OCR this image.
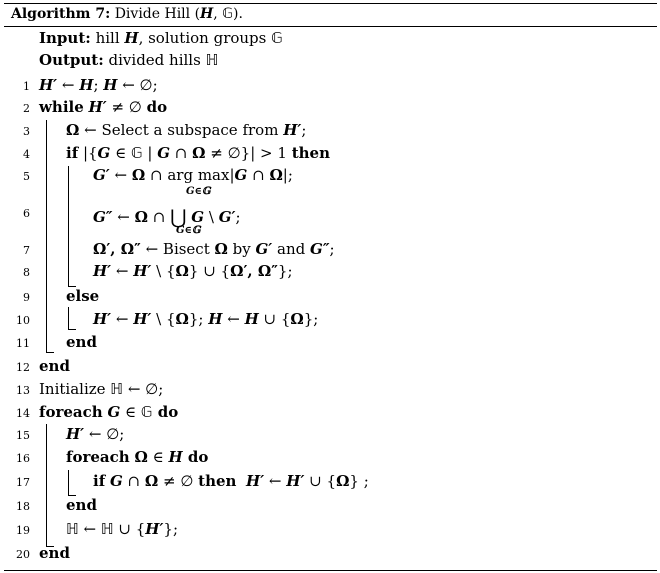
Algorithm 7: Divide Hill (H, 𝔾).
Input: hill H, solution groups 𝔾
Output: divided hills ℍ
1 H′ ← H; H ← ∅;
2 while H′ ≠ ∅ do
3 Ω ← Select a subspace from H′;
4 if |{G ∈ 𝔾 | G ∩ Ω ≠ ∅}| > 1 then
5	G′ ← Ω ∩ arg max|G ∩ Ω|;
G∈𝔾
6	G″ ← Ω ∩ ⋃ G \ G′;
G∈𝔾
7	Ω′, Ω″ ← Bisect Ω by G′ and G″;
8	H′ ← H′ \ {Ω} ∪ {Ω′, Ω″};
9 else
10	H′ ← H′ \ {Ω}; H ← H ∪ {Ω};
11 end
12 end
13 Initialize ℍ ← ∅;
14 foreach G ∈ 𝔾 do
15 H′ ← ∅;
16 foreach Ω ∈ H do
17	if G ∩ Ω ≠ ∅ then H′ ← H′ ∪ {Ω} ;
18 end
19 ℍ ← ℍ ∪ {H′};
20 end
